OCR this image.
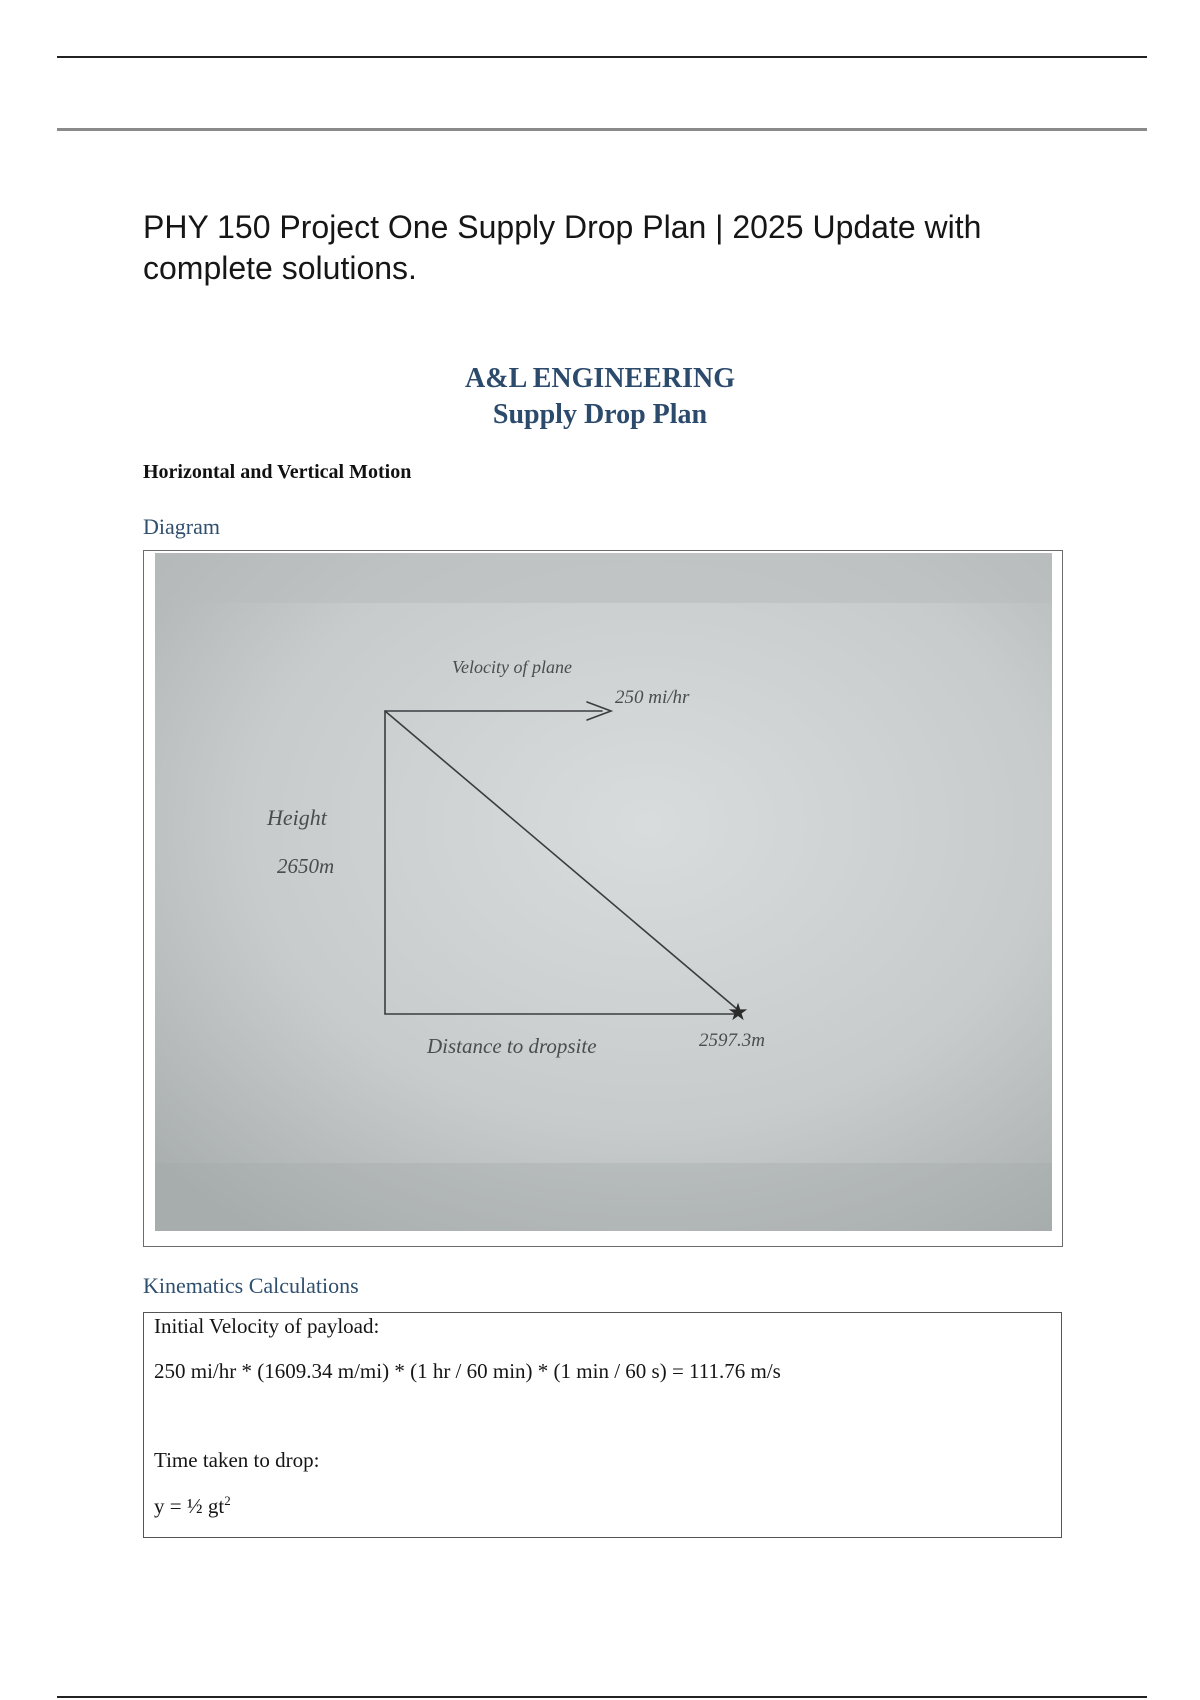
PHY 150 Project One Supply Drop Plan | 2025 Update with complete solutions.
A&L ENGINEERING
Supply Drop Plan
Horizontal and Vertical Motion

Diagram

★
Velocity of plane
250 mi/hr
Height
2650m
Distance to dropsite	2597.3m

Kinematics Calculations

Initial Velocity of payload:

250 mi/hr * (1609.34 m/mi) * (1 hr / 60 min) * (1 min / 60 s) = 111.76 m/s

Time taken to drop:

y = ½ $gt^2$
